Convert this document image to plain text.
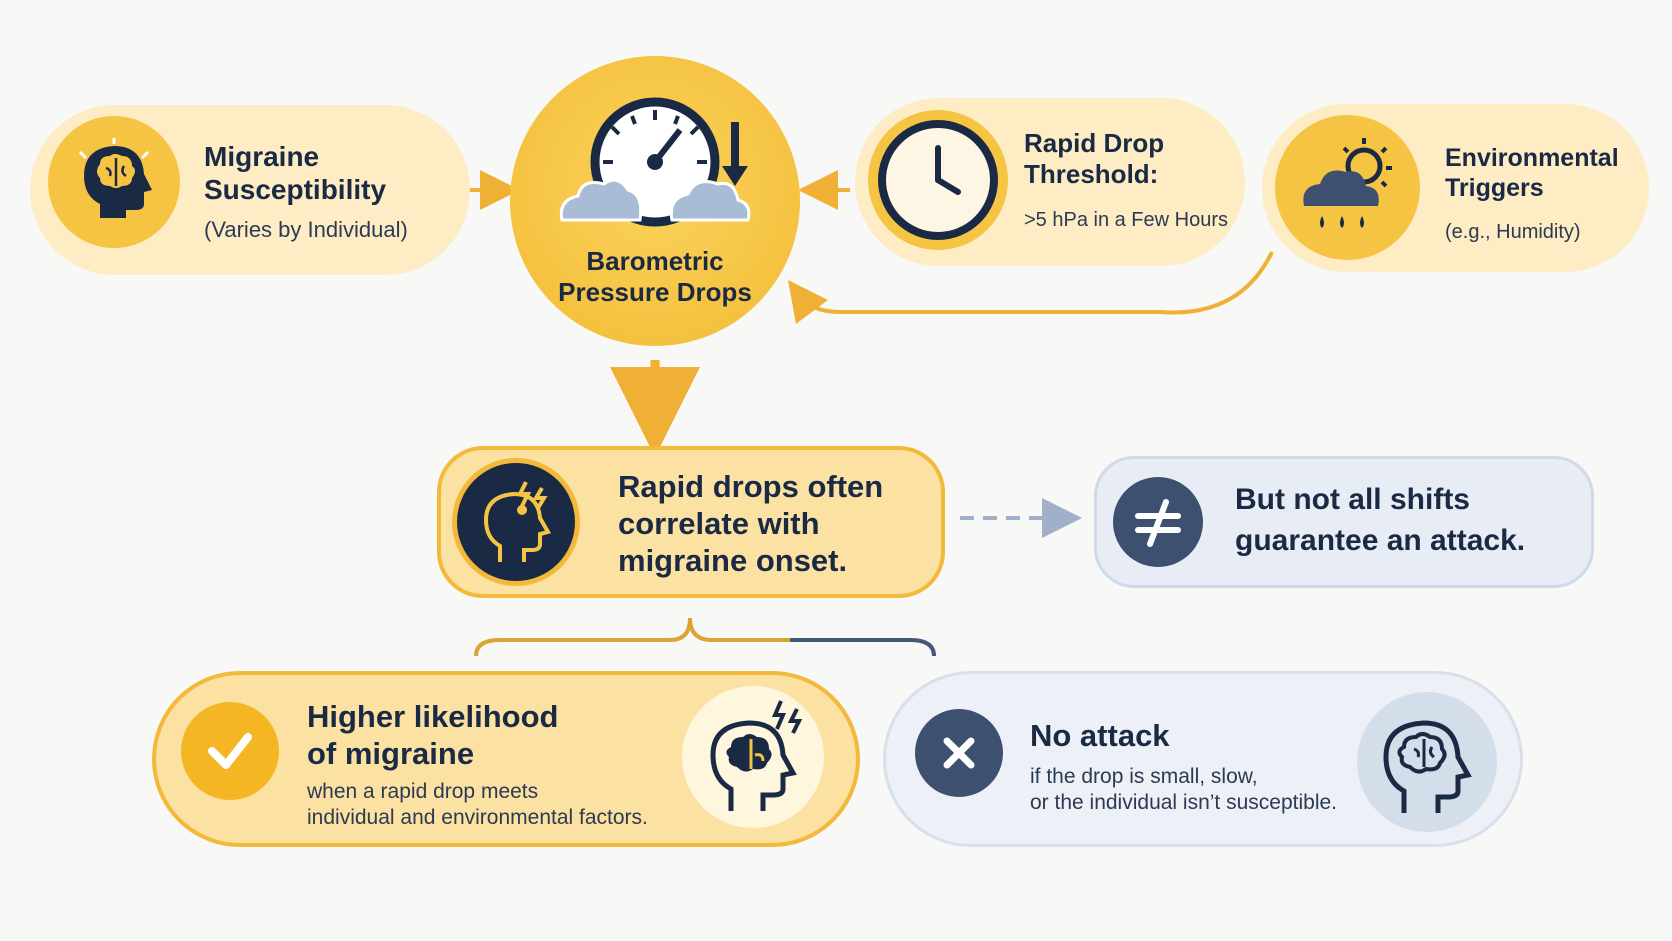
Migraine
Susceptibility
(Varies by Individual)
Barometric
Pressure Drops
Rapid Drop
Threshold:
>5 hPa in a Few Hours
Environmental
Triggers
(e.g., Humidity)
Rapid drops often
correlate with
migraine onset.
But not all shifts
guarantee an attack.
Higher likelihood
of migraine
when a rapid drop meets
individual and environmental factors.
No attack
if the drop is small, slow,
or the individual isn’t susceptible.
